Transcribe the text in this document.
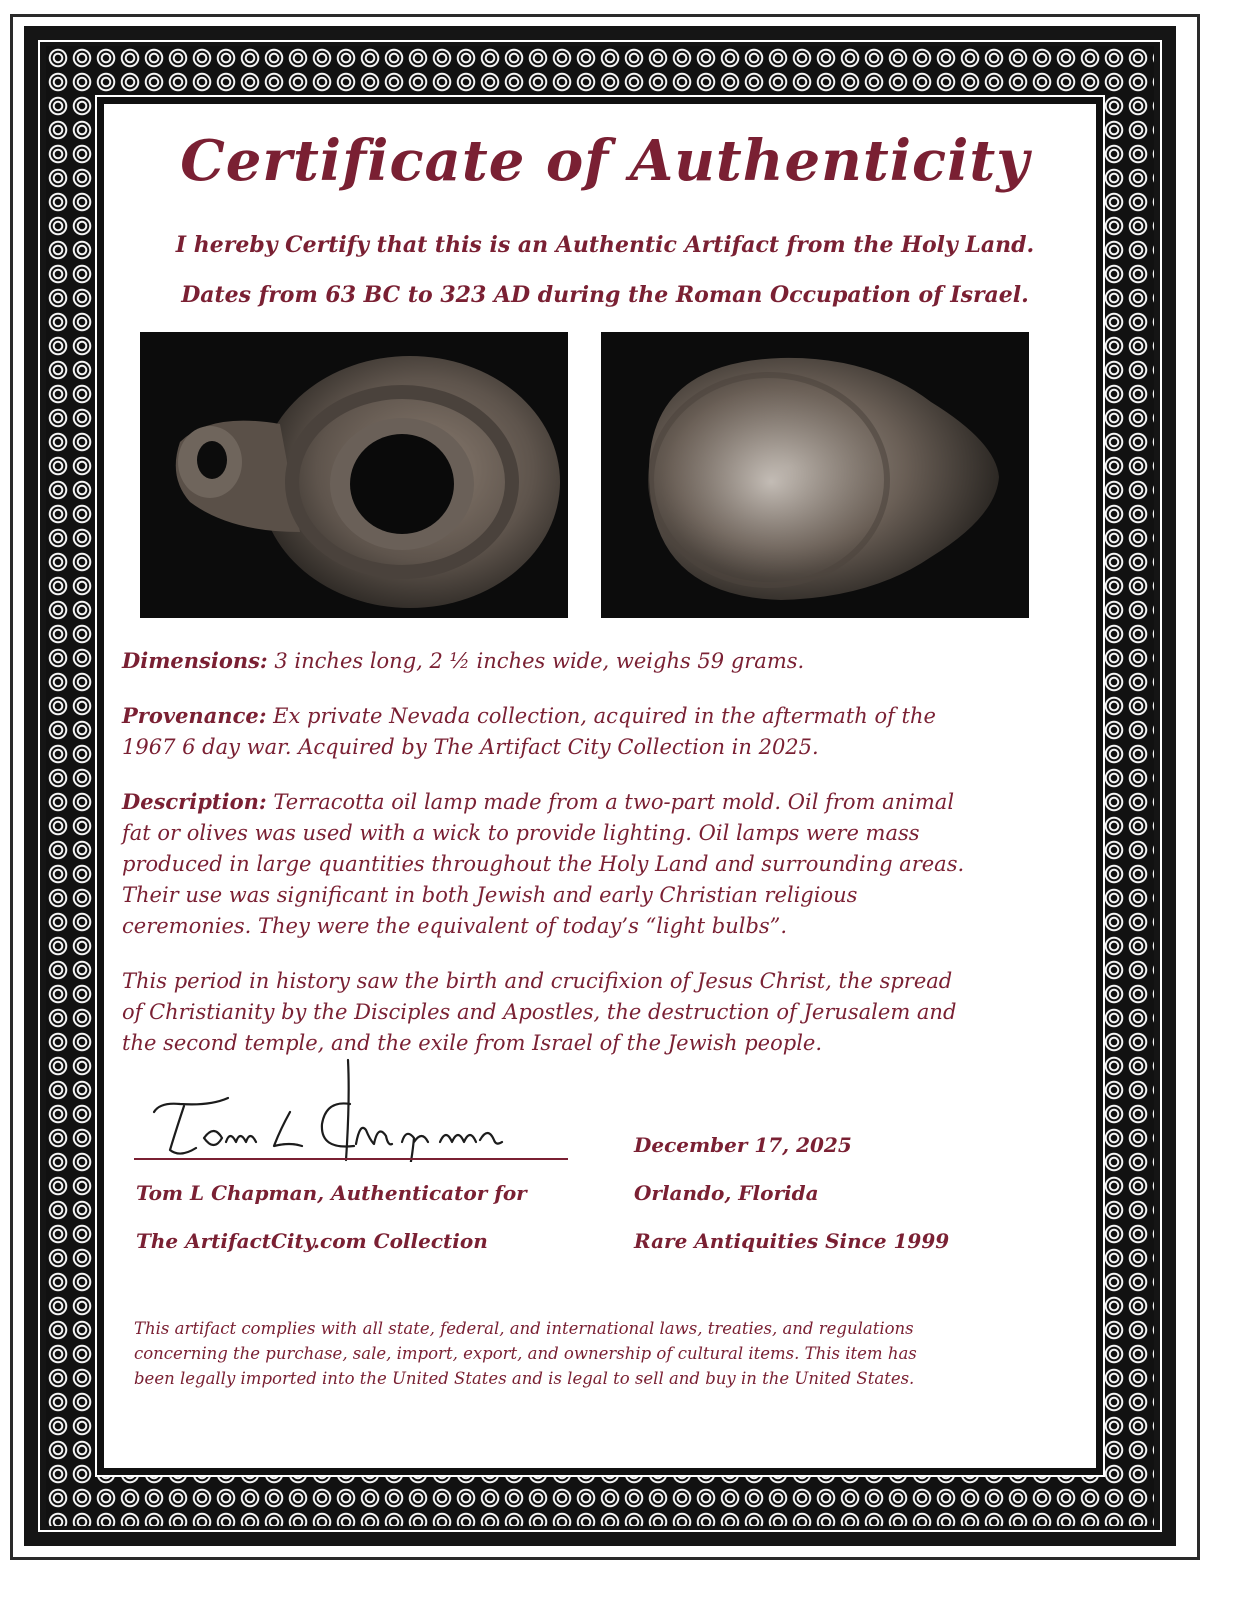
Certificate of Authenticity
I hereby Certify that this is an Authentic Artifact from the Holy Land.
Dates from 63 BC to 323 AD during the Roman Occupation of Israel.

Dimensions: 3 inches long, 2 ½ inches wide, weighs 59 grams.

Provenance: Ex private Nevada collection, acquired in the aftermath of the
1967 6 day war. Acquired by The Artifact City Collection in 2025.

Description: Terracotta oil lamp made from a two-part mold. Oil from animal
fat or olives was used with a wick to provide lighting. Oil lamps were mass
produced in large quantities throughout the Holy Land and surrounding areas.
Their use was significant in both Jewish and early Christian religious
ceremonies. They were the equivalent of today’s “light bulbs”.

This period in history saw the birth and crucifixion of Jesus Christ, the spread
of Christianity by the Disciples and Apostles, the destruction of Jerusalem and
the second temple, and the exile from Israel of the Jewish people.

Tom L Chapman, Authenticator for
The ArtifactCity.com Collection
December 17, 2025
Orlando, Florida
Rare Antiquities Since 1999
This artifact complies with all state, federal, and international laws, treaties, and regulations
concerning the purchase, sale, import, export, and ownership of cultural items. This item has
been legally imported into the United States and is legal to sell and buy in the United States.
